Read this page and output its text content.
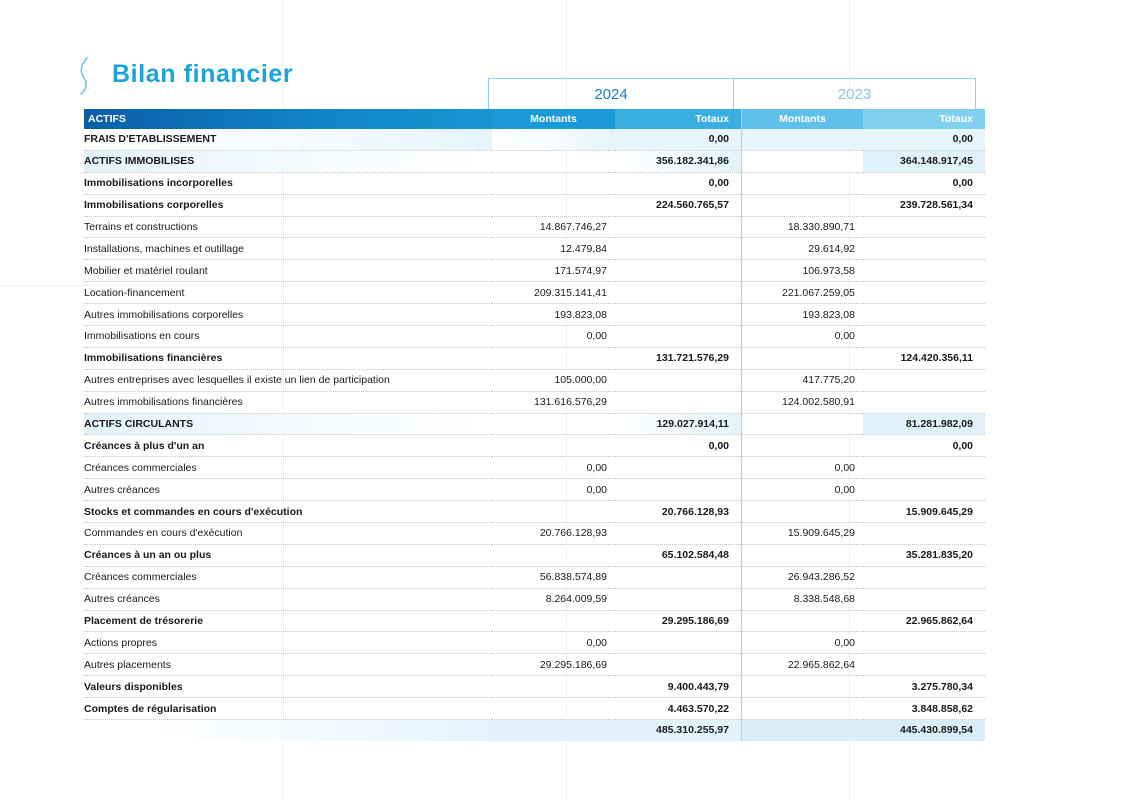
Bilan financier
2024	2023
ACTIFS	Montants	Totaux	Montants	Totaux
FRAIS D'ETABLISSEMENT		0,00		0,00
ACTIFS IMMOBILISES		356.182.341,86		364.148.917,45
Immobilisations incorporelles		0,00		0,00
Immobilisations corporelles		224.560.765,57		239.728.561,34
Terrains et constructions	14.867.746,27		18.330.890,71	
Installations, machines et outillage	12.479,84		29.614,92	
Mobilier et matériel roulant	171.574,97		106.973,58	
Location-financement	209.315.141,41		221.067.259,05	
Autres immobilisations corporelles	193.823,08		193.823,08	
Immobilisations en cours	0,00		0,00	
Immobilisations financières		131.721.576,29		124.420.356,11
Autres entreprises avec lesquelles il existe un lien de participation	105.000,00		417.775,20	
Autres immobilisations financières	131.616.576,29		124.002.580,91	
ACTIFS CIRCULANTS		129.027.914,11		81.281.982,09
Créances à plus d'un an		0,00		0,00
Créances commerciales	0,00		0,00	
Autres créances	0,00		0,00	
Stocks et commandes en cours d'exécution		20.766.128,93		15.909.645,29
Commandes en cours d'exécution	20.766.128,93		15.909.645,29	
Créances à un an ou plus		65.102.584,48		35.281.835,20
Créances commerciales	56.838.574,89		26.943.286,52	
Autres créances	8.264.009,59		8.338.548,68	
Placement de trésorerie		29.295.186,69		22.965.862,64
Actions propres	0,00		0,00	
Autres placements	29.295.186,69		22.965.862,64	
Valeurs disponibles		9.400.443,79		3.275.780,34
Comptes de régularisation		4.463.570,22		3.848.858,62
		485.310.255,97		445.430.899,54
